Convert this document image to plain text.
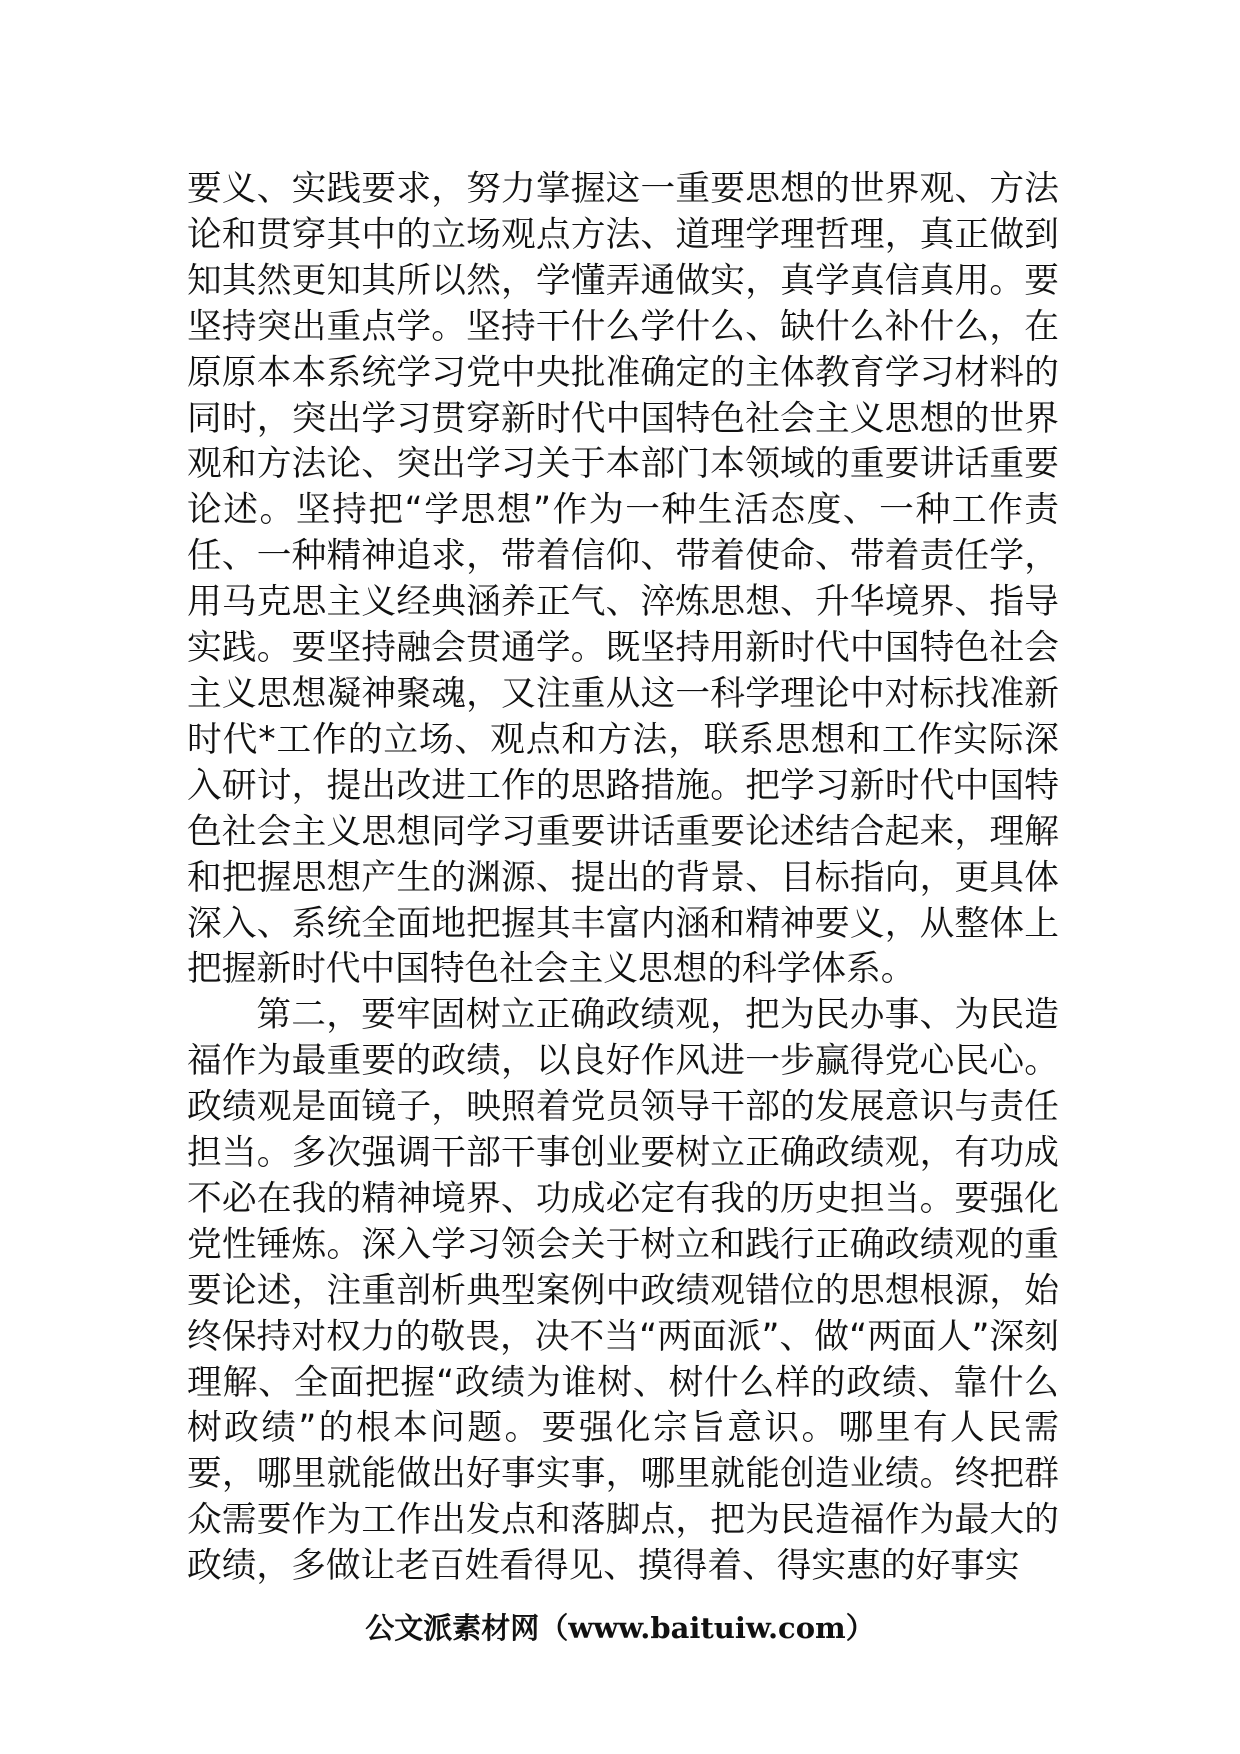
要义、实践要求，努力掌握这一重要思想的世界观、方法论和贯穿其中的立场观点方法、道理学理哲理，真正做到知其然更知其所以然，学懂弄通做实，真学真信真用。要坚持突出重点学。坚持干什么学什么、缺什么补什么，在原原本本系统学习党中央批准确定的主体教育学习材料的同时，突出学习贯穿新时代中国特色社会主义思想的世界观和方法论、突出学习关于本部门本领域的重要讲话重要论述。坚持把“学思想”作为一种生活态度、一种工作责任、一种精神追求，带着信仰、带着使命、带着责任学，用马克思主义经典涵养正气、淬炼思想、升华境界、指导实践。要坚持融会贯通学。既坚持用新时代中国特色社会主义思想凝神聚魂，又注重从这一科学理论中对标找准新时代*工作的立场、观点和方法，联系思想和工作实际深入研讨，提出改进工作的思路措施。把学习新时代中国特色社会主义思想同学习重要讲话重要论述结合起来，理解和把握思想产生的渊源、提出的背景、目标指向，更具体深入、系统全面地把握其丰富内涵和精神要义，从整体上把握新时代中国特色社会主义思想的科学体系。

第二，要牢固树立正确政绩观，把为民办事、为民造福作为最重要的政绩，以良好作风进一步赢得党心民心。政绩观是面镜子，映照着党员领导干部的发展意识与责任担当。多次强调干部干事创业要树立正确政绩观，有功成不必在我的精神境界、功成必定有我的历史担当。要强化党性锤炼。深入学习领会关于树立和践行正确政绩观的重要论述，注重剖析典型案例中政绩观错位的思想根源，始终保持对权力的敬畏，决不当“两面派”、做“两面人”深刻理解、全面把握“政绩为谁树、树什么样的政绩、靠什么树政绩”的根本问题。要强化宗旨意识。哪里有人民需要，哪里就能做出好事实事，哪里就能创造业绩。终把群众需要作为工作出发点和落脚点，把为民造福作为最大的政绩，多做让老百姓看得见、摸得着、得实惠的好事实

公文派素材网（www.baituiw.com）
